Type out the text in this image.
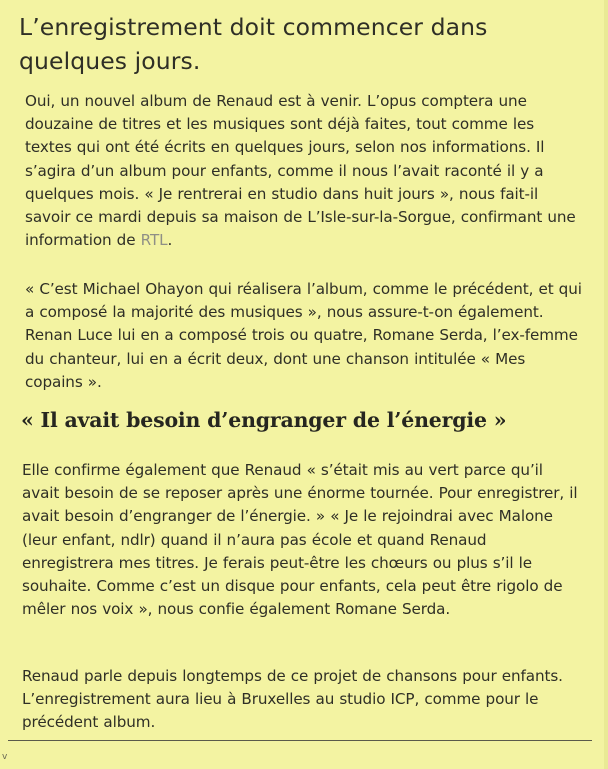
L’enregistrement doit commencer dans quelques jours.

Oui, un nouvel album de Renaud est à venir. L’opus comptera une douzaine de titres et les musiques sont déjà faites, tout comme les textes qui ont été écrits en quelques jours, selon nos informations. Il s’agira d’un album pour enfants, comme il nous l’avait raconté il y a quelques mois. « Je rentrerai en studio dans huit jours », nous fait-il savoir ce mardi depuis sa maison de L’Isle-sur-la-Sorgue, confirmant une information de RTL.

« C’est Michael Ohayon qui réalisera l’album, comme le précédent, et qui a composé la majorité des musiques », nous assure-t-on également. Renan Luce lui en a composé trois ou quatre, Romane Serda, l’ex-femme du chanteur, lui en a écrit deux, dont une chanson intitulée « Mes copains ».

« Il avait besoin d’engranger de l’énergie »

Elle confirme également que Renaud « s’était mis au vert parce qu’il avait besoin de se reposer après une énorme tournée. Pour enregistrer, il avait besoin d’engranger de l’énergie. » « Je le rejoindrai avec Malone (leur enfant, ndlr) quand il n’aura pas école et quand Renaud enregistrera mes titres. Je ferais peut-être les chœurs ou plus s’il le souhaite. Comme c’est un disque pour enfants, cela peut être rigolo de mêler nos voix », nous confie également Romane Serda.

Renaud parle depuis longtemps de ce projet de chansons pour enfants. L’enregistrement aura lieu à Bruxelles au studio ICP, comme pour le précédent album.

v
